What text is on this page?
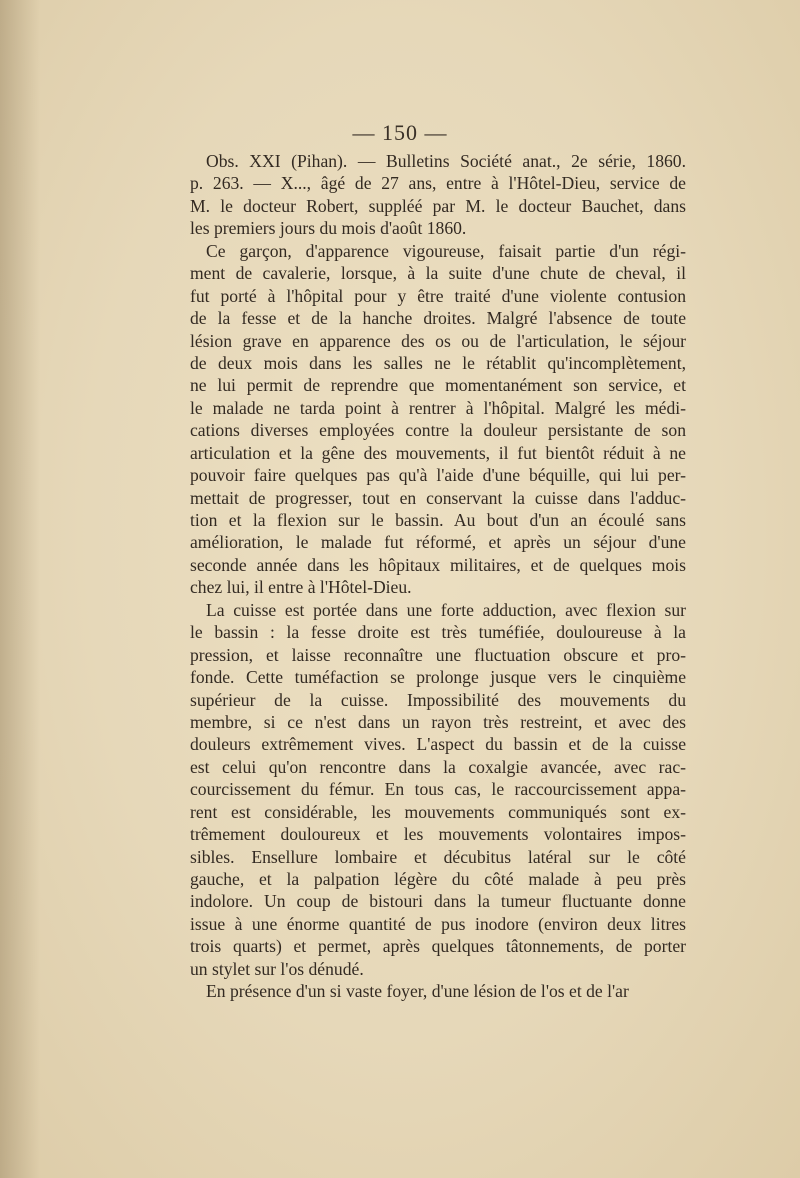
— 150 —
Obs. XXI (Pihan). — Bulletins Société anat., 2e série, 1860.
p. 263. — X..., âgé de 27 ans, entre à l'Hôtel-Dieu, service de
M. le docteur Robert, suppléé par M. le docteur Bauchet, dans
les premiers jours du mois d'août 1860.
Ce garçon, d'apparence vigoureuse, faisait partie d'un régi-
ment de cavalerie, lorsque, à la suite d'une chute de cheval, il
fut porté à l'hôpital pour y être traité d'une violente contusion
de la fesse et de la hanche droites. Malgré l'absence de toute
lésion grave en apparence des os ou de l'articulation, le séjour
de deux mois dans les salles ne le rétablit qu'incomplètement,
ne lui permit de reprendre que momentanément son service, et
le malade ne tarda point à rentrer à l'hôpital. Malgré les médi-
cations diverses employées contre la douleur persistante de son
articulation et la gêne des mouvements, il fut bientôt réduit à ne
pouvoir faire quelques pas qu'à l'aide d'une béquille, qui lui per-
mettait de progresser, tout en conservant la cuisse dans l'adduc-
tion et la flexion sur le bassin. Au bout d'un an écoulé sans
amélioration, le malade fut réformé, et après un séjour d'une
seconde année dans les hôpitaux militaires, et de quelques mois
chez lui, il entre à l'Hôtel-Dieu.
La cuisse est portée dans une forte adduction, avec flexion sur
le bassin : la fesse droite est très tuméfiée, douloureuse à la
pression, et laisse reconnaître une fluctuation obscure et pro-
fonde. Cette tuméfaction se prolonge jusque vers le cinquième
supérieur de la cuisse. Impossibilité des mouvements du
membre, si ce n'est dans un rayon très restreint, et avec des
douleurs extrêmement vives. L'aspect du bassin et de la cuisse
est celui qu'on rencontre dans la coxalgie avancée, avec rac-
courcissement du fémur. En tous cas, le raccourcissement appa-
rent est considérable, les mouvements communiqués sont ex-
trêmement douloureux et les mouvements volontaires impos-
sibles. Ensellure lombaire et décubitus latéral sur le côté
gauche, et la palpation légère du côté malade à peu près
indolore. Un coup de bistouri dans la tumeur fluctuante donne
issue à une énorme quantité de pus inodore (environ deux litres
trois quarts) et permet, après quelques tâtonnements, de porter
un stylet sur l'os dénudé.
En présence d'un si vaste foyer, d'une lésion de l'os et de l'ar
